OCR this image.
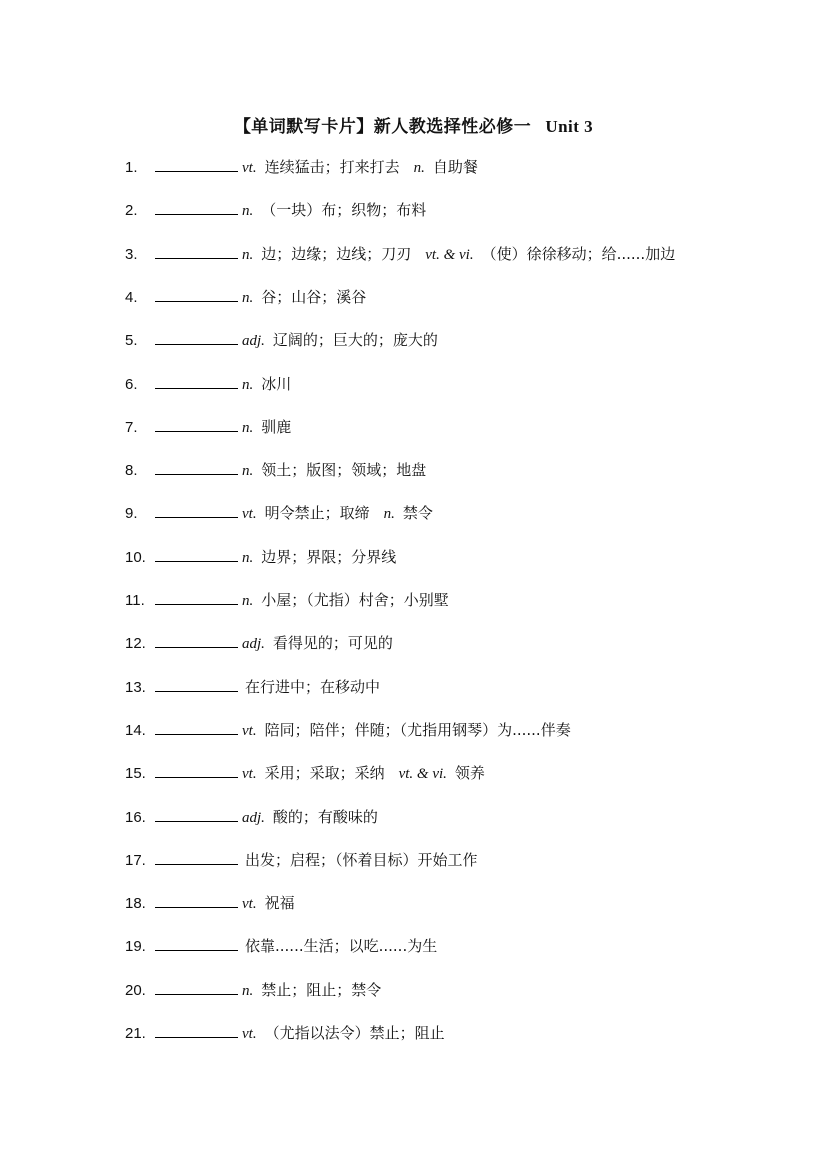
【单词默写卡片】新人教选择性必修一 Unit 3
1.	vt. 连续猛击；打来打去 n. 自助餐
2.	n. （一块）布；织物；布料
3.	n. 边；边缘；边线；刀刃 vt. & vi. （使）徐徐移动；给......加边
4.	n. 谷；山谷；溪谷
5.	adj. 辽阔的；巨大的；庞大的
6.	n. 冰川
7.	n. 驯鹿
8.	n. 领土；版图；领域；地盘
9.	vt. 明令禁止；取缔 n. 禁令
10.	n. 边界；界限；分界线
11.	n. 小屋；（尤指）村舍；小别墅
12.	adj. 看得见的；可见的
13.	在行进中；在移动中
14.	vt. 陪同；陪伴；伴随；（尤指用钢琴）为......伴奏
15.	vt. 采用；采取；采纳 vt. & vi. 领养
16.	adj. 酸的；有酸味的
17.	出发；启程；（怀着目标）开始工作
18.	vt. 祝福
19.	依靠......生活；以吃......为生
20.	n. 禁止；阻止；禁令
21.	vt. （尤指以法令）禁止；阻止
